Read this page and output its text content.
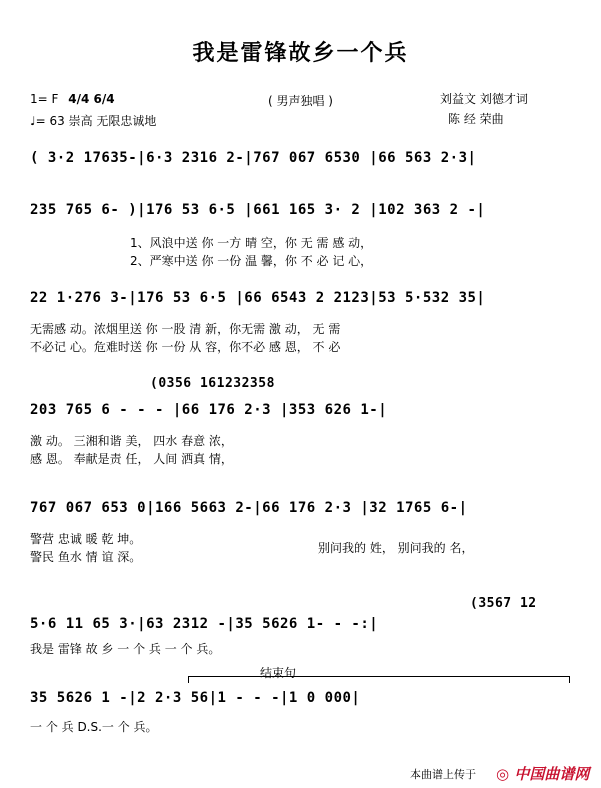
我是雷锋故乡一个兵
1= F 4/4 6/4
♩= 63 崇高 无限忠诚地
( 男声独唱 )	刘益文 刘德才词
陈 经 荣曲
( 3·2 17635-|6·3 2316 2-|767 067 6530 |66 563 2·3|
235 765 6- )|176 53 6·5 |661 165 3· 2 |102 363 2 -|
1、风浪中送 你 一方 晴 空，你 无 需 感 动，
2、严寒中送 你 一份 温 馨，你 不 必 记 心，
22 1·276 3-|176 53 6·5 |66 6543 2 2123|53 5·532 35|
无需感 动。浓烟里送 你 一股 清 新，你无需 激 动， 无 需
不必记 心。危难时送 你 一份 从 容，你不必 感 恩， 不 必
(0356 161232358
203 765 6 - - - |66 176 2·3 |353 626 1-|
激 动。 三湘和谐 美， 四水 春意 浓，
感 恩。 奉献是责 任， 人间 洒真 情，
767 067 653 0|166 5663 2-|66 176 2·3 |32 1765 6-|
警营 忠诚 暖 乾 坤。
警民 鱼水 情 谊 深。
别问我的 姓， 别问我的 名，
(3567 12
5·6 11 65 3·|63 2312 -|35 5626 1- - -:|
我是 雷锋 故 乡 一 个 兵 一 个 兵。
结束句
35 5626 1 -|2 2·3 56|1 - - -|1 0 000|
一 个 兵 D.S.一 个 兵。
本曲谱上传于 ◎ 中国曲谱网
